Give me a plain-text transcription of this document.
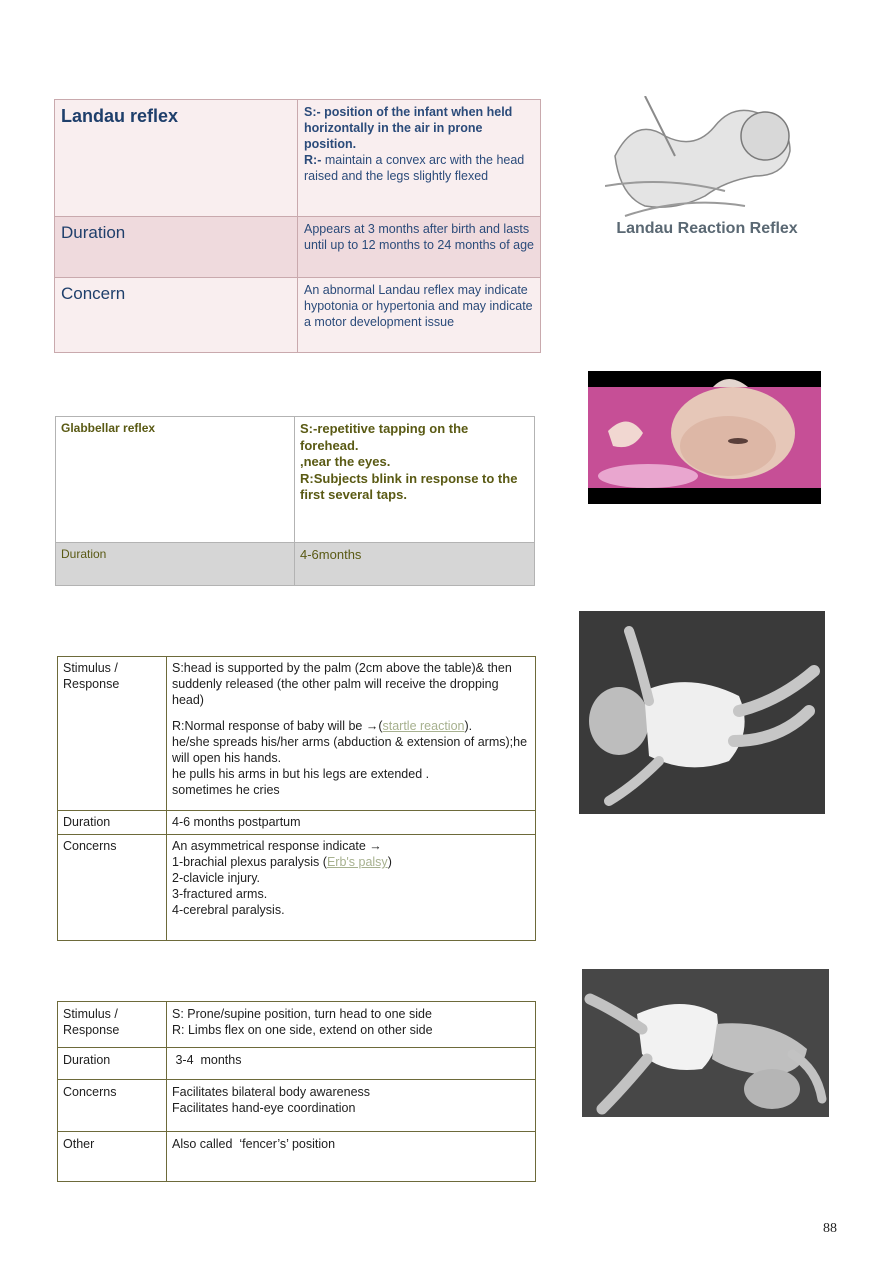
Landau reflex	S:- position of the infant when held horizontally in the air in prone position.
R:- maintain a convex arc with the head raised and the legs slightly flexed
Duration	Appears at 3 months after birth and lasts until up to 12 months to 24 months of age
Concern	An abnormal Landau reflex may indicate hypotonia or hypertonia and may indicate a motor development issue
Landau Reaction Reflex
Glabbellar reflex	S:-repetitive tapping on the forehead.
,near the eyes.
R:Subjects blink in response to the first several taps.

Duration	4-6months
Stimulus / Response	S:head is supported by the palm (2cm above the table)& then suddenly released (the other palm will receive the dropping head)
R:Normal response of baby will be →(startle reaction).
he/she spreads his/her arms (abduction & extension of arms);he will open his hands.
he pulls his arms in but his legs are extended .
sometimes he cries

Duration	4-6 months postpartum
Concerns	An asymmetrical response indicate →
1-brachial plexus paralysis (Erb's palsy)
2-clavicle injury.
3-fractured arms.
4-cerebral paralysis.
Stimulus / Response	S: Prone/supine position, turn head to one side
R: Limbs flex on one side, extend on other side

Duration	3-4  months
Concerns	Facilitates bilateral body awareness
Facilitates hand-eye coordination

Other	Also called  ‘fencer’s’ position
88
